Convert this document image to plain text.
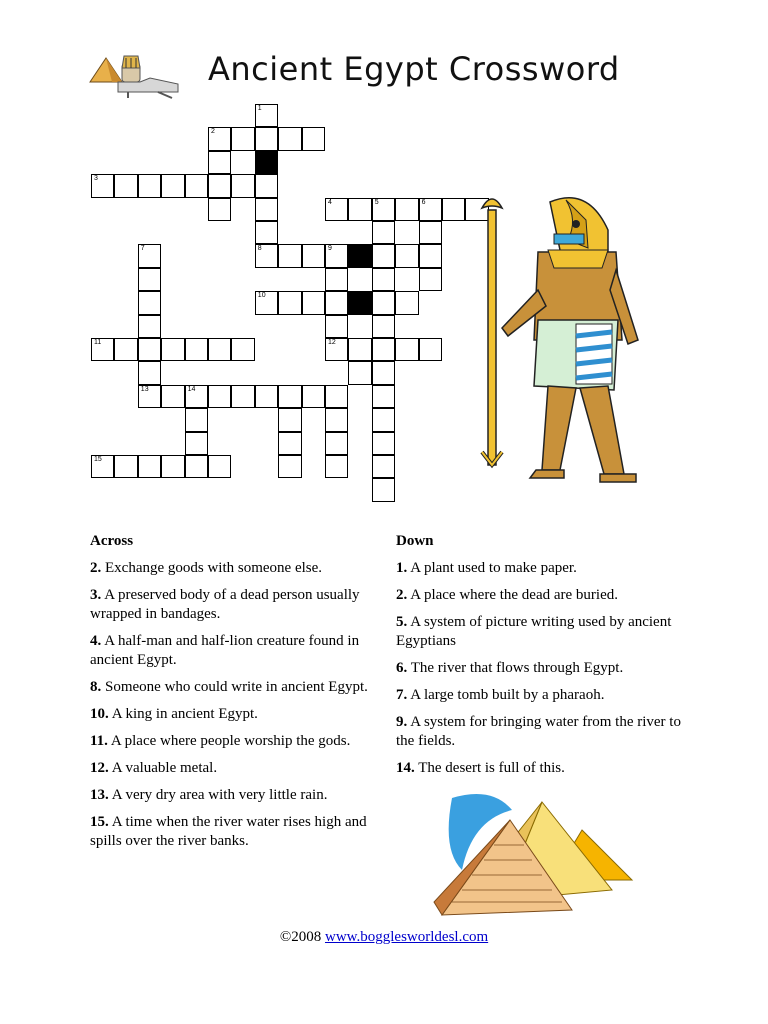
Ancient Egypt Crossword
1
2
3
4	5	6
7	8	9
10
11	12
13	14
15
Across
2. Exchange goods with someone else.
3. A preserved body of a dead person usually wrapped in bandages.
4. A half-man and half-lion creature found in ancient Egypt.
8. Someone who could write in ancient Egypt.
10. A king in ancient Egypt.
11. A place where people worship the gods.
12. A valuable metal.
13. A very dry area with very little rain.
15. A time when the river water rises high and spills over the river banks.
Down
1. A plant used to make paper.
2. A place where the dead are buried.
5. A system of picture writing used by ancient Egyptians
6. The river that flows through Egypt.
7. A large tomb built by a pharaoh.
9. A system for bringing water from the river to the fields.
14. The desert is full of this.
©2008 www.bogglesworldesl.com
